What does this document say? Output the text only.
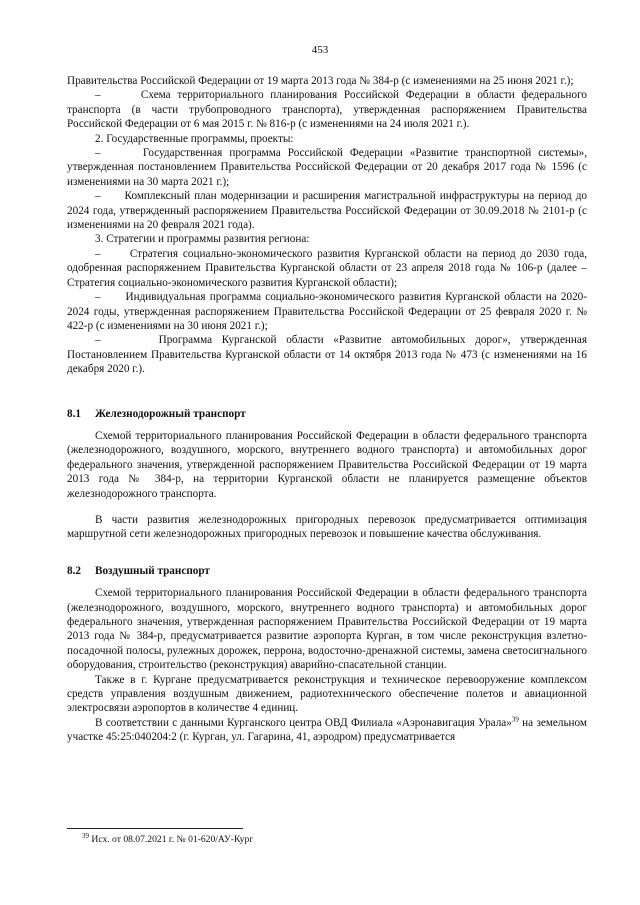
453

Правительства Российской Федерации от 19 марта 2013 года № 384-р (с изменениями на 25 июня 2021 г.);

–      Схема территориального планирования Российской Федерации в области федерального транспорта (в части трубопроводного транспорта), утвержденная распоряжением Правительства Российской Федерации от 6 мая 2015 г. № 816-р (с изменениями на 24 июля 2021 г.).

2. Государственные программы, проекты:

–      Государственная программа Российской Федерации «Развитие транспортной системы», утвержденная постановлением Правительства Российской Федерации от 20 декабря 2017 года № 1596 (с изменениями на 30 марта 2021 г.);

–      Комплексный план модернизации и расширения магистральной инфраструктуры на период до 2024 года, утвержденный распоряжением Правительства Российской Федерации от 30.09.2018 № 2101-р (с изменениями на 20 февраля 2021 года).

3. Стратегии и программы развития региона:

–      Стратегия социально-экономического развития Курганской области на период до 2030 года, одобренная распоряжением Правительства Курганской области от 23 апреля 2018 года № 106-р (далее – Стратегия социально-экономического развития Курганской области);

–      Индивидуальная программа социально-экономического развития Курганской области на 2020-2024 годы, утвержденная распоряжением Правительства Российской Федерации от 25 февраля 2020 г. № 422-р (с изменениями на 30 июня 2021 г.);

–      Программа Курганской области «Развитие автомобильных дорог», утвержденная Постановлением Правительства Курганской области от 14 октября 2013 года № 473 (с изменениями на 16 декабря 2020 г.).

8.1 Железнодорожный транспорт

Схемой территориального планирования Российской Федерации в области федерального транспорта (железнодорожного, воздушного, морского, внутреннего водного транспорта) и автомобильных дорог федерального значения, утвержденной распоряжением Правительства Российской Федерации от 19 марта 2013 года № 384-р, на территории Курганской области не планируется размещение объектов железнодорожного транспорта.

В части развития железнодорожных пригородных перевозок предусматривается оптимизация маршрутной сети железнодорожных пригородных перевозок и повышение качества обслуживания.

8.2 Воздушный транспорт

Схемой территориального планирования Российской Федерации в области федерального транспорта (железнодорожного, воздушного, морского, внутреннего водного транспорта) и автомобильных дорог федерального значения, утвержденная распоряжением Правительства Российской Федерации от 19 марта 2013 года № 384-р, предусматривается развитие аэропорта Курган, в том числе реконструкция взлетно-посадочной полосы, рулежных дорожек, перрона, водосточно-дренажной системы, замена светосигнального оборудования, строительство (реконструкция) аварийно-спасательной станции.

Также в г. Кургане предусматривается реконструкция и техническое перевооружение комплексом средств управления воздушным движением, радиотехнического обеспечение полетов и авиационной электросвязи аэропортов в количестве 4 единиц.

В соответствии с данными Курганского центра ОВД Филиала «Аэронавигация Урала»$^{39}$ на земельном участке 45:25:040204:2 (г. Курган, ул. Гагарина, 41, аэродром) предусматривается

$^{39}$ Исх. от 08.07.2021 г. № 01-620/АУ-Кург
